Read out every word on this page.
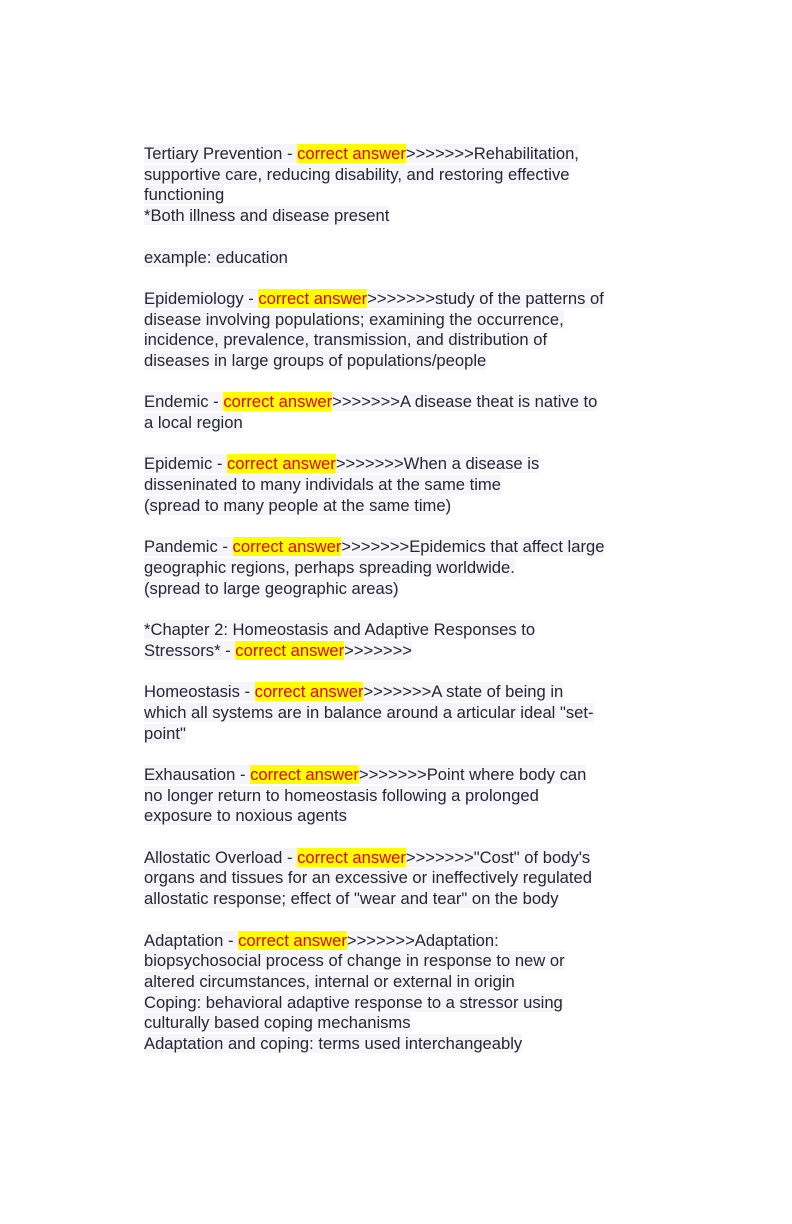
Tertiary Prevention - correct answer>>>>>>>Rehabilitation,
supportive care, reducing disability, and restoring effective
functioning
*Both illness and disease present
example: education
Epidemiology - correct answer>>>>>>>study of the patterns of
disease involving populations; examining the occurrence,
incidence, prevalence, transmission, and distribution of
diseases in large groups of populations/people
Endemic - correct answer>>>>>>>A disease theat is native to
a local region
Epidemic - correct answer>>>>>>>When a disease is
disseninated to many individals at the same time
(spread to many people at the same time)
Pandemic - correct answer>>>>>>>Epidemics that affect large
geographic regions, perhaps spreading worldwide.
(spread to large geographic areas)
*Chapter 2: Homeostasis and Adaptive Responses to
Stressors* - correct answer>>>>>>>
Homeostasis - correct answer>>>>>>>A state of being in
which all systems are in balance around a articular ideal "set-
point"
Exhausation - correct answer>>>>>>>Point where body can
no longer return to homeostasis following a prolonged
exposure to noxious agents
Allostatic Overload - correct answer>>>>>>>"Cost" of body's
organs and tissues for an excessive or ineffectively regulated
allostatic response; effect of "wear and tear" on the body
Adaptation - correct answer>>>>>>>Adaptation:
biopsychosocial process of change in response to new or
altered circumstances, internal or external in origin
Coping: behavioral adaptive response to a stressor using
culturally based coping mechanisms
Adaptation and coping: terms used interchangeably
